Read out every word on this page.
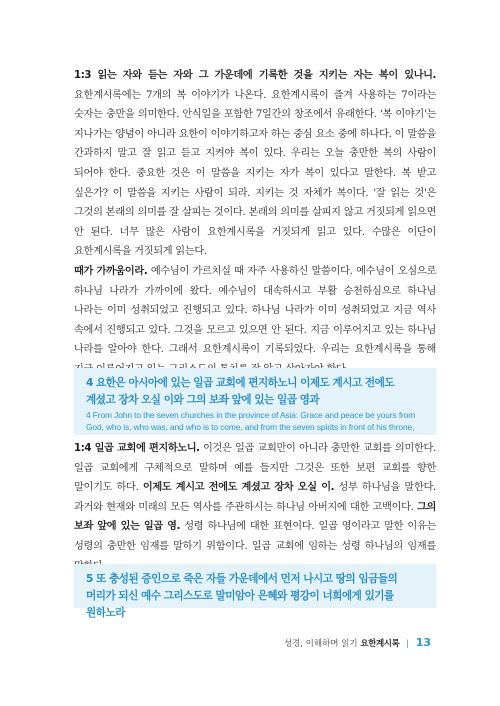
1:3 읽는 자와 듣는 자와 그 가운데에 기록한 것을 지키는 자는 복이 있나니. 요한계시록에는 7개의 복 이야기가 나온다. 요한계시록이 즐겨 사용하는 7이라는 숫자는 충만을 의미한다. 안식일을 포함한 7일간의 창조에서 유래한다. '복 이야기'는 지나가는 양념이 아니라 요한이 이야기하고자 하는 중심 요소 중에 하나다. 이 말씀을 간과하지 말고 잘 읽고 듣고 지켜야 복이 있다. 우리는 오늘 충만한 복의 사람이 되어야 한다. 중요한 것은 이 말씀을 지키는 자가 복이 있다고 말한다. 복 받고 싶은가? 이 말씀을 지키는 사람이 되라. 지키는 것 자체가 복이다. '잘 읽는 것'은 그것의 본래의 의미를 잘 살피는 것이다. 본래의 의미를 살피지 않고 거짓되게 읽으면 안 된다. 너무 많은 사람이 요한계시록을 거짓되게 읽고 있다. 수많은 이단이 요한계시록을 거짓되게 읽는다.
때가 가까움이라. 예수님이 가르치실 때 자주 사용하신 말씀이다. 예수님이 오심으로 하나님 나라가 가까이에 왔다. 예수님이 대속하시고 부활 승천하심으로 하나님 나라는 이미 성취되었고 진행되고 있다. 하나님 나라가 이미 성취되었고 지금 역사 속에서 진행되고 있다. 그것을 모르고 있으면 안 된다. 지금 이루어지고 있는 하나님 나라를 알아야 한다. 그래서 요한계시록이 기록되었다. 우리는 요한계시록을 통해
4 요한은 아시아에 있는 일곱 교회에 편지하노니 이제도 계시고 전에도 계셨고 장차 오실 이와 그의 보좌 앞에 있는 일곱 영과
4 From John to the seven churches in the province of Asia: Grace and peace be yours from God, who is, who was, and who is to come, and from the seven spirits in front of his throne,
1:4 일곱 교회에 편지하노니. 이것은 일곱 교회만이 아니라 충만한 교회를 의미한다. 일곱 교회에게 구체적으로 말하며 예를 들지만 그것은 또한 보편 교회를 향한 말이기도 하다. 이제도 계시고 전에도 계셨고 장차 오실 이. 성부 하나님을 말한다. 과거와 현재와 미래의 모든 역사를 주관하시는 하나님 아버지에 대한 고백이다. 그의 보좌 앞에 있는 일곱 영. 성령 하나님에 대한 표현이다. 일곱 영이라고 말한 이유는 성령의 충만한 임재를 말하기 위함이다. 일곱 교회에 임하는 성령 하나님의 임재를
5 또 충성된 증인으로 죽은 자들 가운데에서 먼저 나시고 땅의 임금들의 머리가 되신 예수 그리스도로 말미암아 은혜와 평강이 너희에게 있기를 원하노라
성경, 이해하며 읽기 요한계시록 | 13
